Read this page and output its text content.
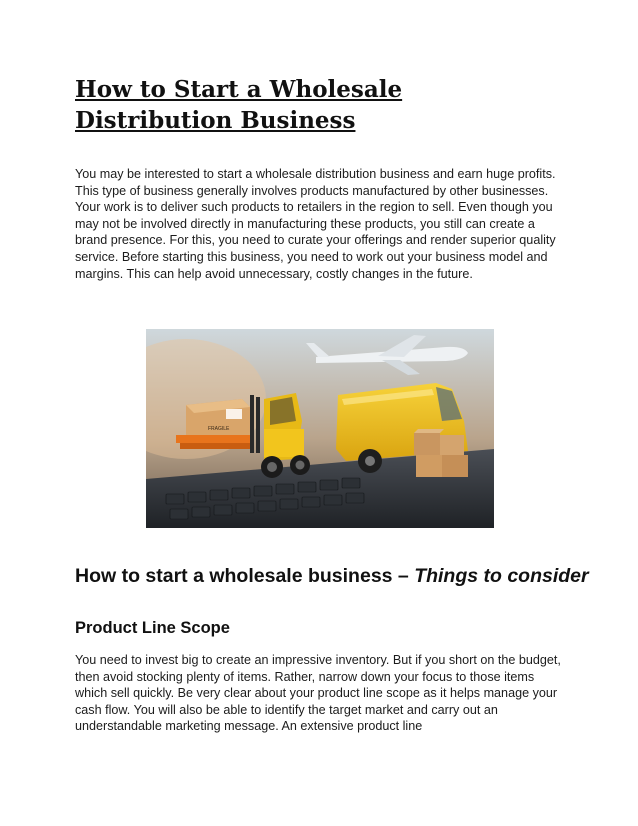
How to Start a Wholesale Distribution Business

You may be interested to start a wholesale distribution business and earn huge profits. This type of business generally involves products manufactured by other businesses. Your work is to deliver such products to retailers in the region to sell. Even though you may not be involved directly in manufacturing these products, you still can create a brand presence. For this, you need to curate your offerings and render superior quality service. Before starting this business, you need to work out your business model and margins. This can help avoid unnecessary, costly changes in the future.

FRAGILE
How to start a wholesale business – Things to consider
Product Line Scope

You need to invest big to create an impressive inventory. But if you short on the budget, then avoid stocking plenty of items. Rather, narrow down your focus to those items which sell quickly. Be very clear about your product line scope as it helps manage your cash flow. You will also be able to identify the target market and carry out an understandable marketing message. An extensive product line
